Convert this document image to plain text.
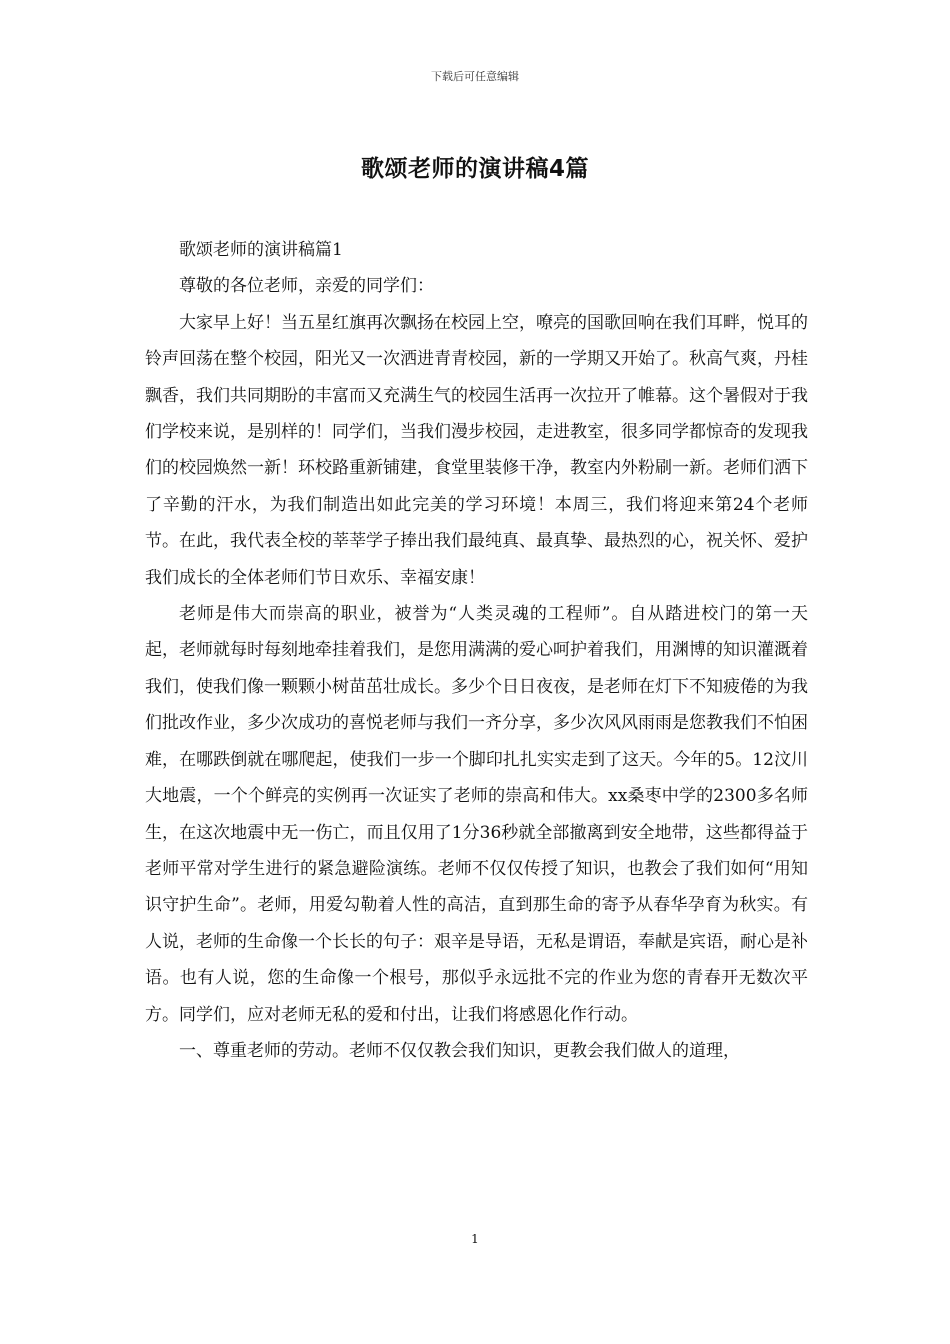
下载后可任意编辑
歌颂老师的演讲稿4篇

歌颂老师的演讲稿篇1

尊敬的各位老师，亲爱的同学们：

大家早上好！当五星红旗再次飘扬在校园上空，嘹亮的国歌回响在我们耳畔，悦耳的铃声回荡在整个校园，阳光又一次洒进青青校园，新的一学期又开始了。秋高气爽，丹桂飘香，我们共同期盼的丰富而又充满生气的校园生活再一次拉开了帷幕。这个暑假对于我们学校来说，是别样的！同学们，当我们漫步校园，走进教室，很多同学都惊奇的发现我们的校园焕然一新！环校路重新铺建，食堂里装修干净，教室内外粉刷一新。老师们洒下了辛勤的汗水，为我们制造出如此完美的学习环境！本周三，我们将迎来第24个老师节。在此，我代表全校的莘莘学子捧出我们最纯真、最真挚、最热烈的心，祝关怀、爱护我们成长的全体老师们节日欢乐、幸福安康！

老师是伟大而崇高的职业，被誉为“人类灵魂的工程师”。自从踏进校门的第一天起，老师就每时每刻地牵挂着我们，是您用满满的爱心呵护着我们，用渊博的知识灌溉着我们，使我们像一颗颗小树苗茁壮成长。多少个日日夜夜，是老师在灯下不知疲倦的为我们批改作业，多少次成功的喜悦老师与我们一齐分享，多少次风风雨雨是您教我们不怕困难，在哪跌倒就在哪爬起，使我们一步一个脚印扎扎实实走到了这天。今年的5。12汶川大地震，一个个鲜亮的实例再一次证实了老师的崇高和伟大。xx桑枣中学的2300多名师生，在这次地震中无一伤亡，而且仅用了1分36秒就全部撤离到安全地带，这些都得益于老师平常对学生进行的紧急避险演练。老师不仅仅传授了知识，也教会了我们如何“用知识守护生命”。老师，用爱勾勒着人性的高洁，直到那生命的寄予从春华孕育为秋实。有人说，老师的生命像一个长长的句子：艰辛是导语，无私是谓语，奉献是宾语，耐心是补语。也有人说，您的生命像一个根号，那似乎永远批不完的作业为您的青春开无数次平方。同学们，应对老师无私的爱和付出，让我们将感恩化作行动。

一、尊重老师的劳动。老师不仅仅教会我们知识，更教会我们做人的道理，

1
